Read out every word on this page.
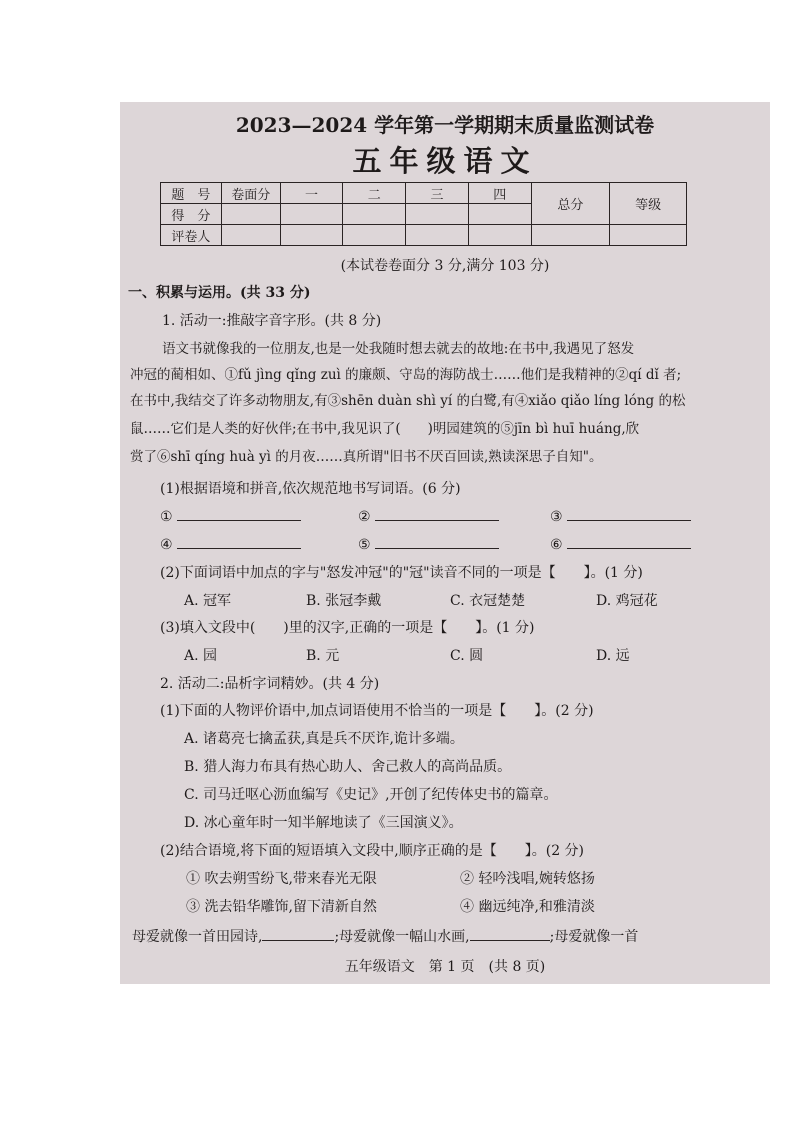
2023—2024 学年第一学期期末质量监测试卷
五年级语文
题　号	卷面分	一	二	三	四	总分	等级
得　分							
评卷人							
(本试卷卷面分 3 分,满分 103 分)
一、积累与运用。(共 33 分)
1. 活动一:推敲字音字形。(共 8 分)
语文书就像我的一位朋友,也是一处我随时想去就去的故地:在书中,我遇见了怒发
冲冠的蔺相如、①fǔ jìng qǐng zuì 的廉颇、守岛的海防战士……他们是我精神的②qí dǐ 者;
在书中,我结交了许多动物朋友,有③shēn duàn shì yí 的白鹭,有④xiǎo qiǎo líng lóng 的松
鼠……它们是人类的好伙伴;在书中,我见识了(　　)明园建筑的⑤jīn bì huī huáng,欣
赏了⑥shī qíng huà yì 的月夜……真所谓"旧书不厌百回读,熟读深思子自知"。
(1)根据语境和拼音,依次规范地书写词语。(6 分)
①	②	③
④	⑤	⑥
(2)下面词语中加点的字与"怒发冲冠"的"冠"读音不同的一项是【　　】。(1 分)
A. 冠军	B. 张冠李戴	C. 衣冠楚楚	D. 鸡冠花
(3)填入文段中(　　)里的汉字,正确的一项是【　　】。(1 分)
A. 园	B. 元	C. 圆	D. 远
2. 活动二:品析字词精妙。(共 4 分)
(1)下面的人物评价语中,加点词语使用不恰当的一项是【　　】。(2 分)
A. 诸葛亮七擒孟获,真是兵不厌诈,诡计多端。
B. 猎人海力布具有热心助人、舍己救人的高尚品质。
C. 司马迁呕心沥血编写《史记》,开创了纪传体史书的篇章。
D. 冰心童年时一知半解地读了《三国演义》。
(2)结合语境,将下面的短语填入文段中,顺序正确的是【　　】。(2 分)
① 吹去朔雪纷飞,带来春光无限	② 轻吟浅唱,婉转悠扬
③ 洗去铅华雕饰,留下清新自然	④ 幽远纯净,和雅清淡
母爱就像一首田园诗,	;母爱就像一幅山水画,	;母爱就像一首
五年级语文　第 1 页　(共 8 页)
